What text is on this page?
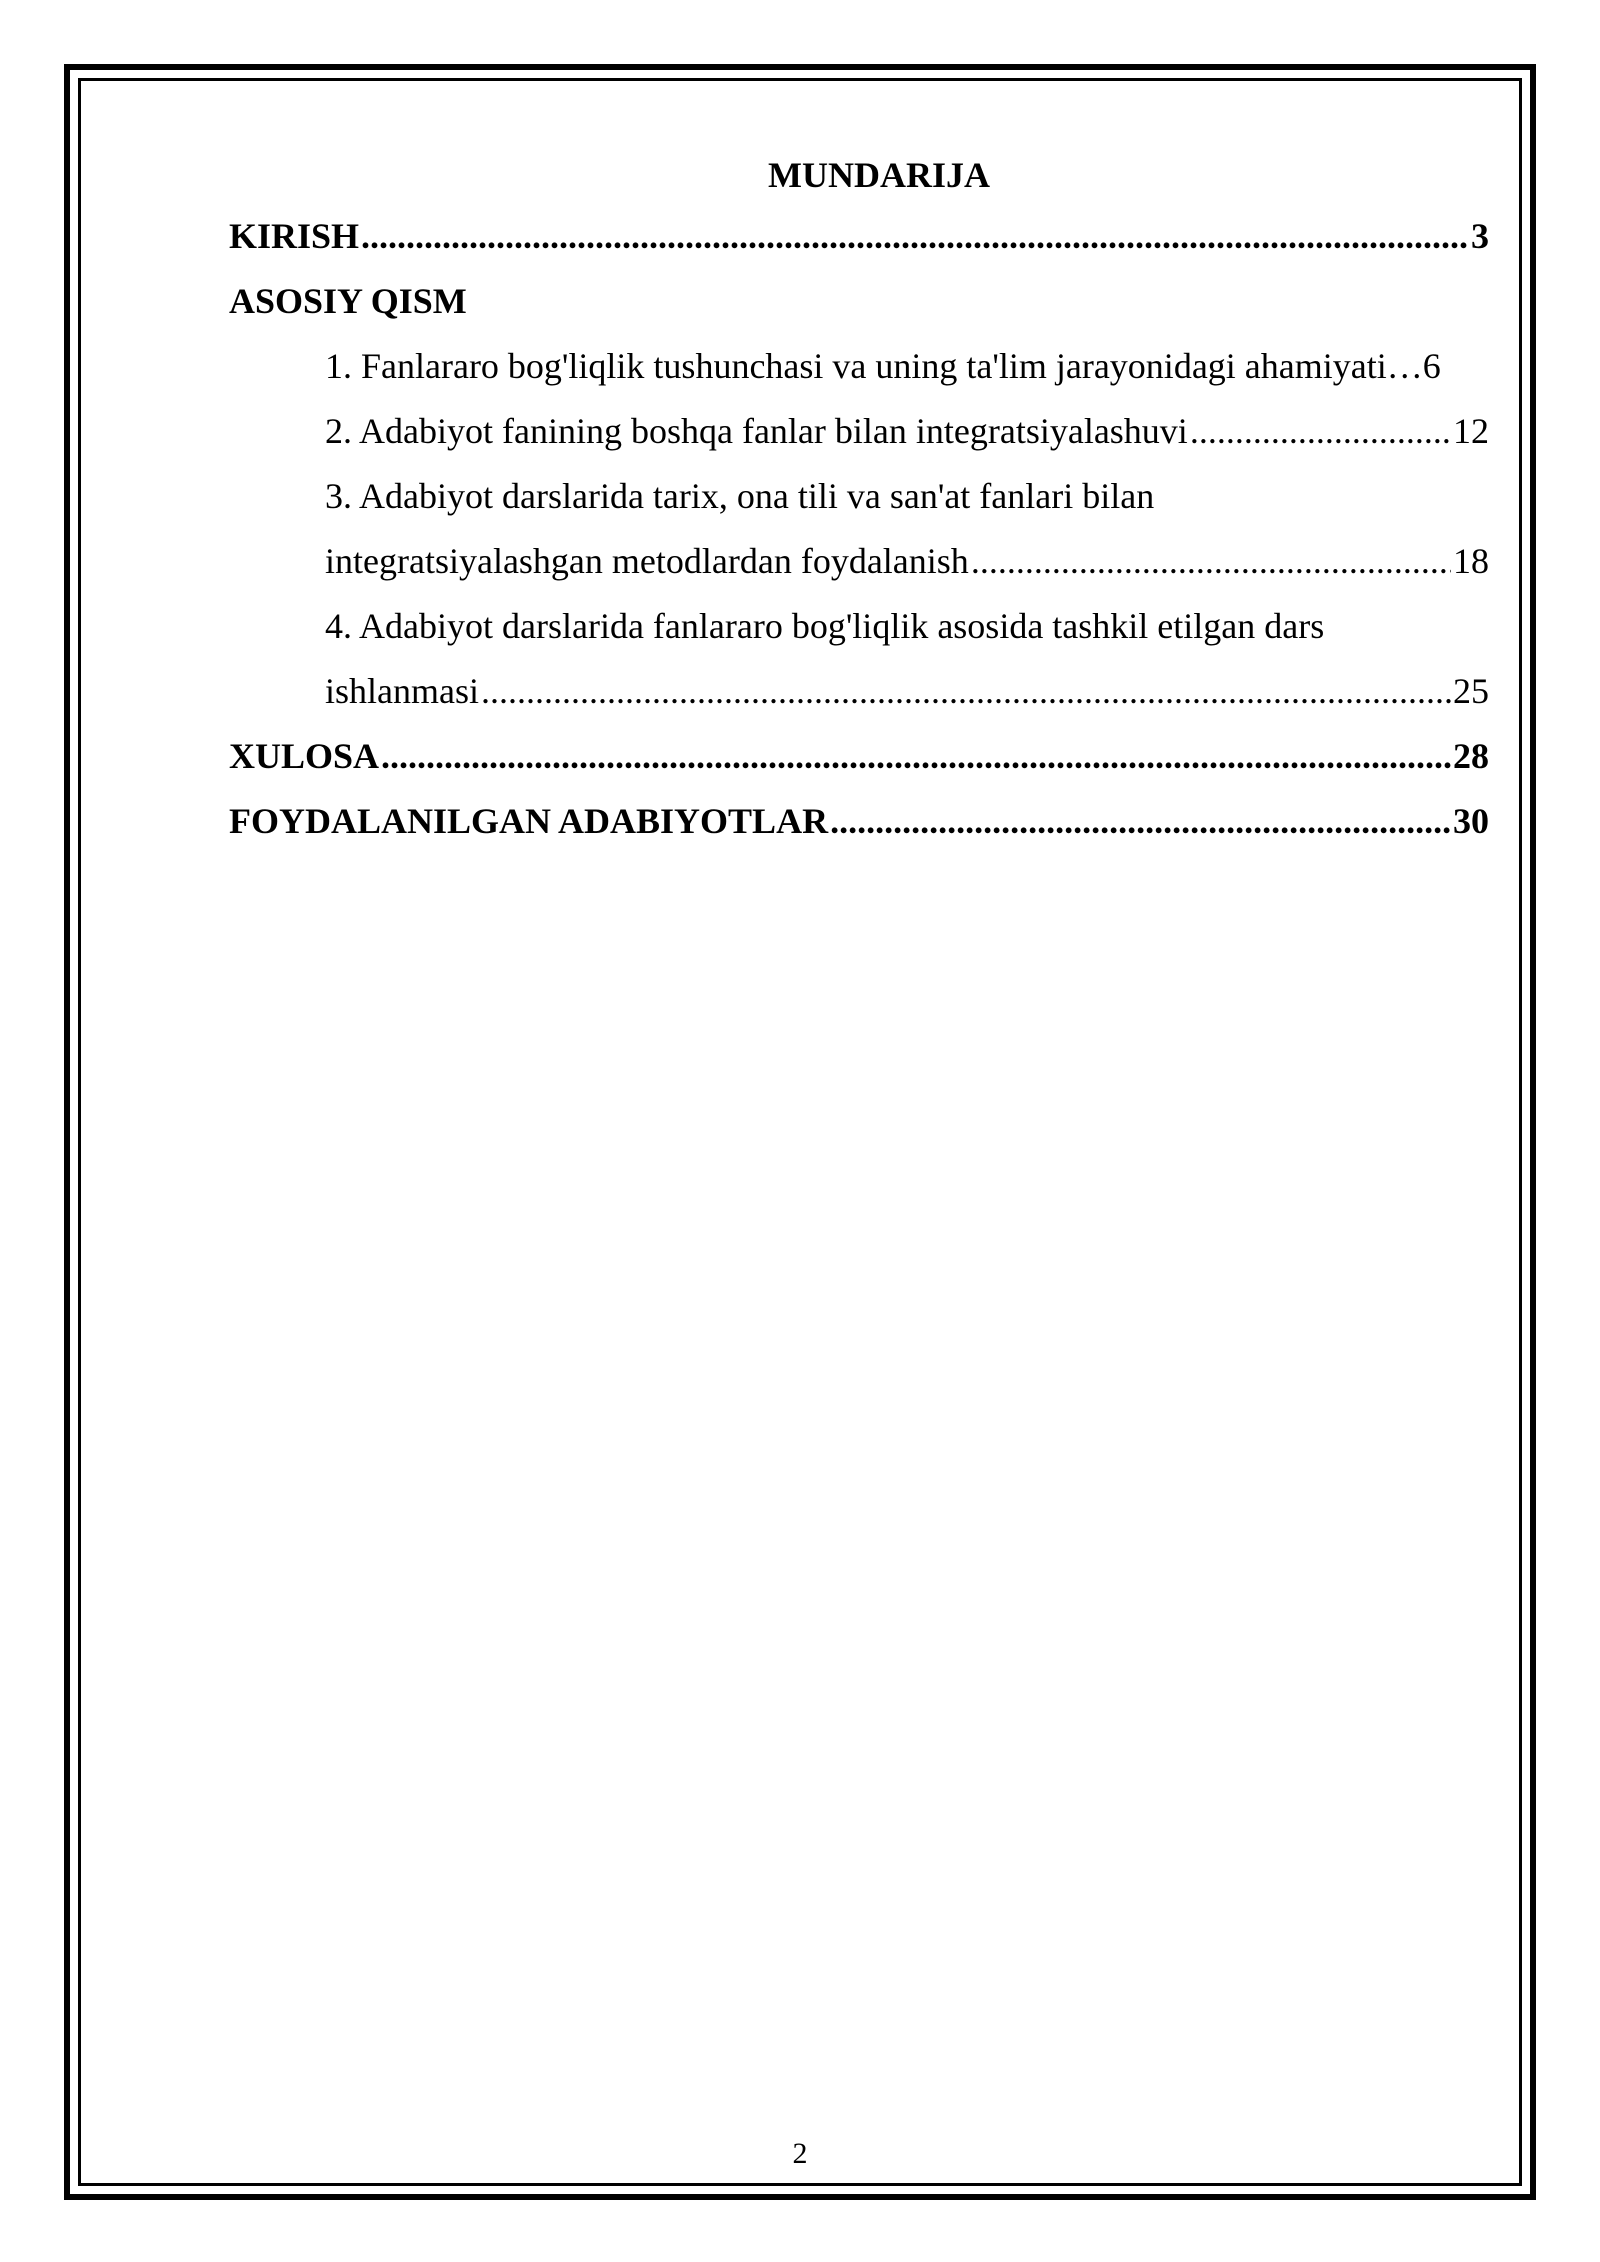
MUNDARIJA
KIRISH .....	3
ASOSIY QISM
1. Fanlararo bog'liqlik tushunchasi va uning ta'lim jarayonidagi ahamiyati…6
2. Adabiyot fanining boshqa fanlar bilan integratsiyalashuvi .....	12
3. Adabiyot darslarida tarix, ona tili va san'at fanlari bilan
integratsiyalashgan metodlardan foydalanish .....	18
4. Adabiyot darslarida fanlararo bog'liqlik asosida tashkil etilgan dars
ishlanmasi .....	25
XULOSA .....	28
FOYDALANILGAN ADABIYOTLAR .....	30
2
